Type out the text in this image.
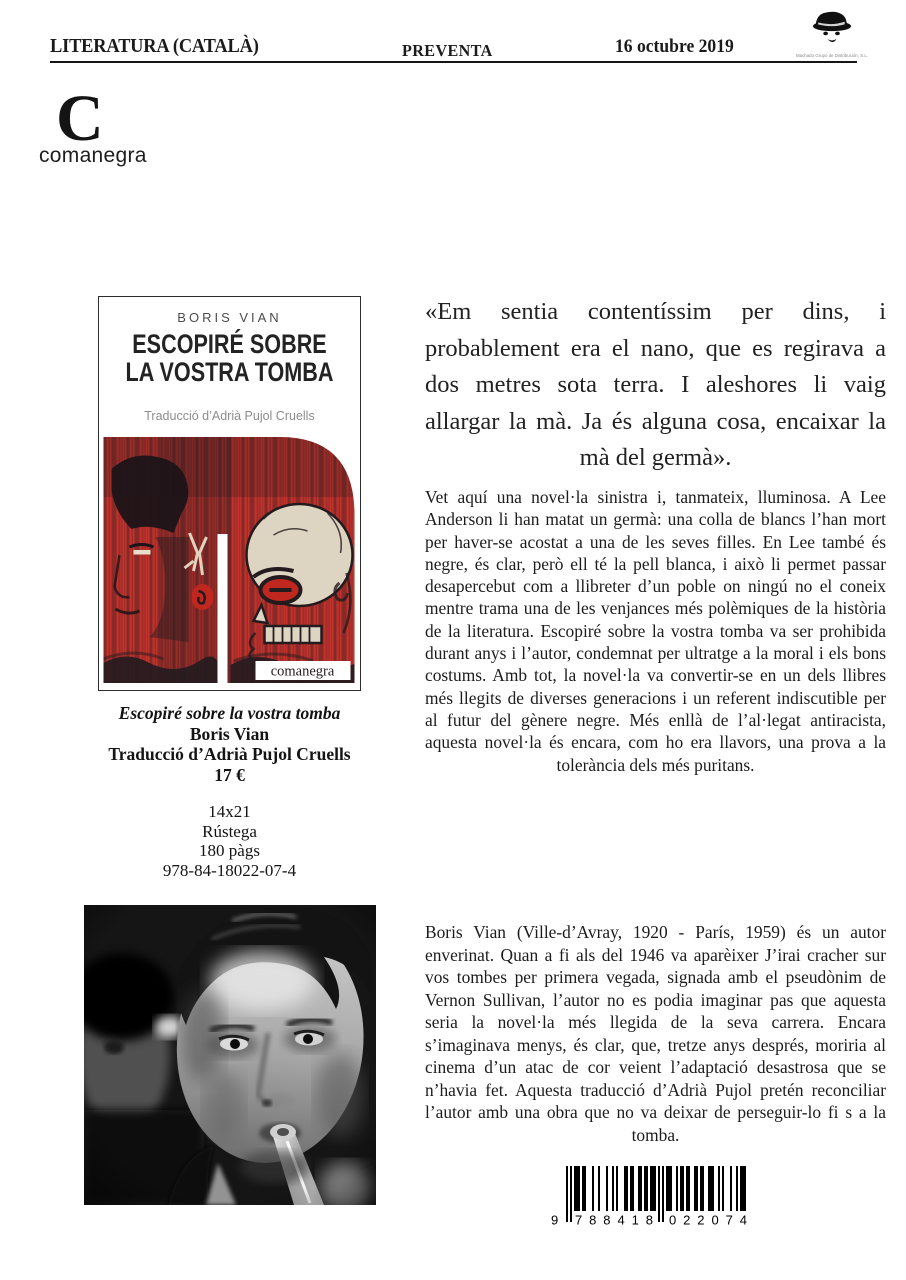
LITERATURA (CATALÀ)	PREVENTA	16 octubre 2019	Machado Grupo de Distribución, S.L.
C
comanegra
BORIS VIAN
ESCOPIRÉ SOBRE
LA VOSTRA TOMBA
Traducció d’Adrià Pujol Cruells
comanegra
«Em sentia contentíssim per dins, i probablement era el nano, que es regirava a dos metres sota terra. I aleshores li vaig allargar la mà. Ja és alguna cosa, encaixar la mà del germà».
Vet aquí una novel·la sinistra i, tanmateix, lluminosa. A Lee Anderson li han matat un germà: una colla de blancs l’han mort per haver-se acostat a una de les seves filles. En Lee també és negre, és clar, però ell té la pell blanca, i això li permet passar desapercebut com a llibreter d’un poble on ningú no el coneix mentre trama una de les venjances més polèmiques de la història de la literatura. Escopiré sobre la vostra tomba va ser prohibida durant anys i l’autor, condemnat per ultratge a la moral i els bons costums. Amb tot, la novel·la va convertir-se en un dels llibres més llegits de diverses generacions i un referent indiscutible per al futur del gènere negre. Més enllà de l’al·legat antiracista, aquesta novel·la és encara, com ho era llavors, una prova a la tolerància dels més puritans.
Boris Vian (Ville-d’Avray, 1920 - París, 1959) és un autor enverinat. Quan a fi als del 1946 va aparèixer J’irai cracher sur vos tombes per primera vegada, signada amb el pseudònim de Vernon Sullivan, l’autor no es podia imaginar pas que aquesta seria la novel·la més llegida de la seva carrera. Encara s’imaginava menys, és clar, que, tretze anys després, moriria al cinema d’un atac de cor veient l’adaptació desastrosa que se n’havia fet. Aquesta traducció d’Adrià Pujol pretén reconciliar l’autor amb una obra que no va deixar de perseguir-lo fi s a la tomba.
Escopiré sobre la vostra tomba
Boris Vian
Traducció d’Adrià Pujol Cruells
17 €
14x21
Rústega
180 pàgs
978-84-18022-07-4
9 788418 022074
